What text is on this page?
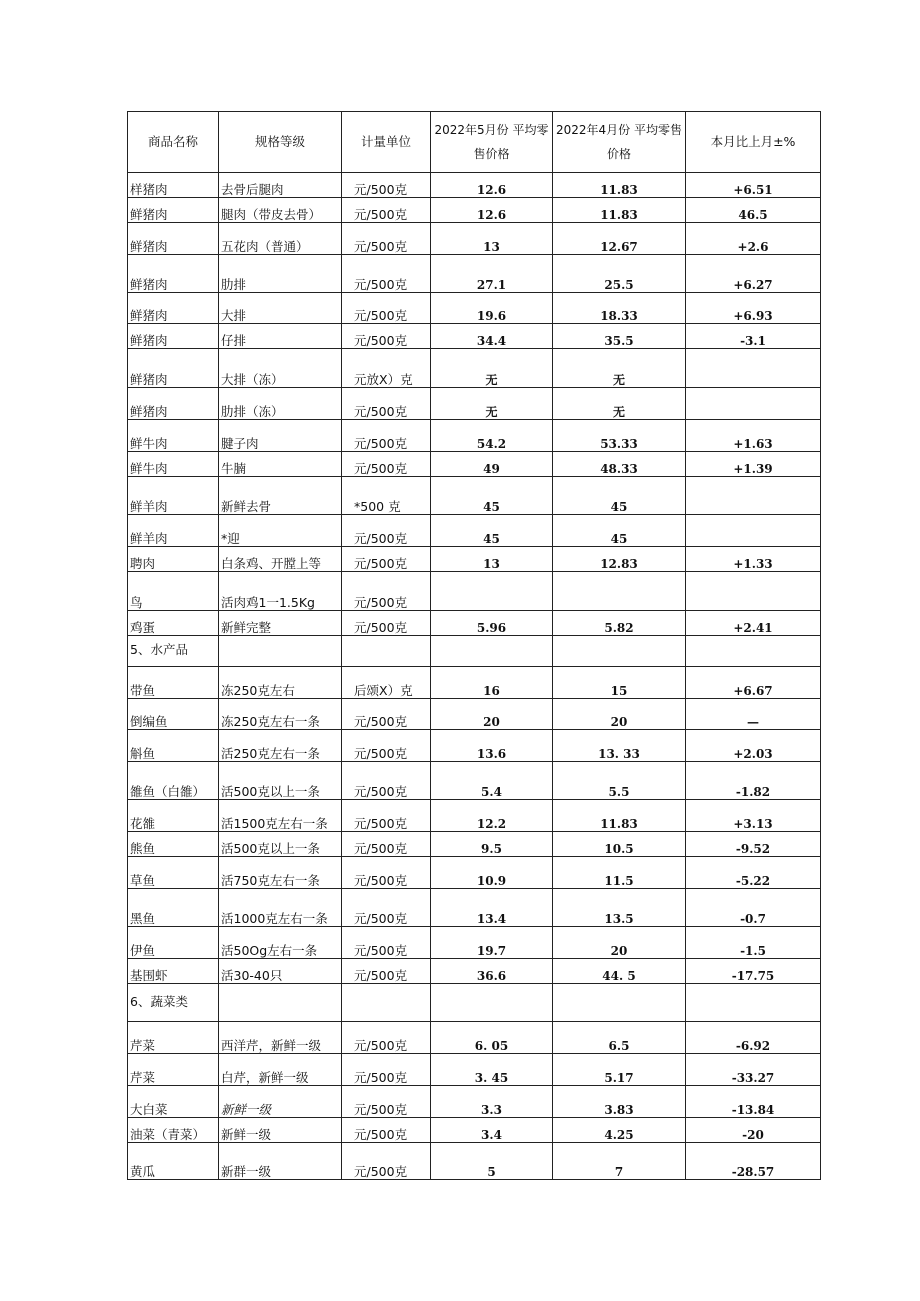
商品名称	规格等级	计量单位	2022年5月份 平均零售价格	2022年4月份 平均零售价格	本月比上月±%
样猪肉	去骨后腿肉	元/500克	12.6	11.83	+6.51
鲜猪肉	腿肉（带皮去骨）	元/500克	12.6	11.83	46.5
鲜猪肉	五花肉（普通）	元/500克	13	12.67	+2.6
鲜猪肉	肋排	元/500克	27.1	25.5	+6.27
鲜猪肉	大排	元/500克	19.6	18.33	+6.93
鲜猪肉	仔排	元/500克	34.4	35.5	-3.1
鲜猪肉	大排（冻）	元放X）克	无	无	
鲜猪肉	肋排（冻）	元/500克	无	无	
鲜牛肉	腱子肉	元/500克	54.2	53.33	+1.63
鲜牛肉	牛腩	元/500克	49	48.33	+1.39
鲜羊肉	新鲜去骨	*500 克	45	45	
鲜羊肉	*迎	元/500克	45	45	
聘肉	白条鸡、开膛上等	元/500克	13	12.83	+1.33
鸟	活肉鸡1一1.5Kg	元/500克			
鸡蛋	新鲜完整	元/500克	5.96	5.82	+2.41
5、水产品					
带鱼	冻250克左右	后颂X）克	16	15	+6.67
倒编鱼	冻250克左右一条	元/500克	20	20	—
斛鱼	活250克左右一条	元/500克	13.6	13. 33	+2.03
雒鱼（白雒）	活500克以上一条	元/500克	5.4	5.5	-1.82
花雒	活1500克左右一条	元/500克	12.2	11.83	+3.13
熊鱼	活500克以上一条	元/500克	9.5	10.5	-9.52
草鱼	活750克左右一条	元/500克	10.9	11.5	-5.22
黑鱼	活1000克左右一条	元/500克	13.4	13.5	-0.7
伊鱼	活50Og左右一条	元/500克	19.7	20	-1.5
基围虾	活30-40只	元/500克	36.6	44. 5	-17.75
6、蔬菜类					
芹菜	西洋芹，新鲜一级	元/500克	6. 05	6.5	-6.92
芹菜	白芹，新鲜一级	元/500克	3. 45	5.17	-33.27
大白菜	新鲜一级	元/500克	3.3	3.83	-13.84
油菜（青菜）	新鲜一级	元/500克	3.4	4.25	-20
黄瓜	新群一级	元/500克	5	7	-28.57
